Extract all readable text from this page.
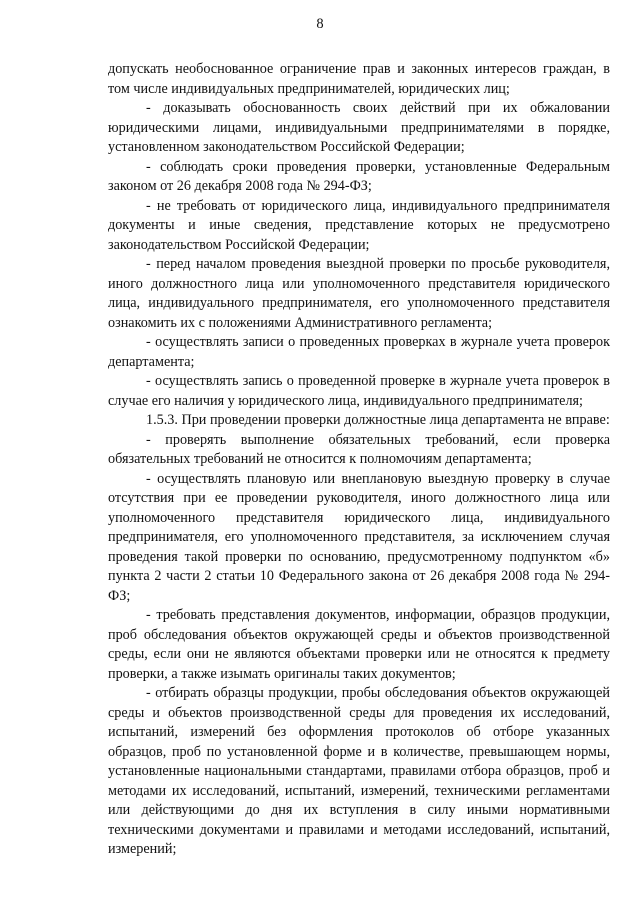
8

допускать необоснованное ограничение прав и законных интересов граждан, в том числе индивидуальных предпринимателей, юридических лиц;

- доказывать обоснованность своих действий при их обжаловании юридическими лицами, индивидуальными предпринимателями в порядке, установленном законодательством Российской Федерации;

- соблюдать сроки проведения проверки, установленные Федеральным законом от 26 декабря 2008 года № 294-ФЗ;

- не требовать от юридического лица, индивидуального предпринимателя документы и иные сведения, представление которых не предусмотрено законодательством Российской Федерации;

- перед началом проведения выездной проверки по просьбе руководителя, иного должностного лица или уполномоченного представителя юридического лица, индивидуального предпринимателя, его уполномоченного представителя ознакомить их с положениями Административного регламента;

- осуществлять записи о проведенных проверках в журнале учета проверок департамента;

- осуществлять запись о проведенной проверке в журнале учета проверок в случае его наличия у юридического лица, индивидуального предпринимателя;

1.5.3. При проведении проверки должностные лица департамента не вправе:

- проверять выполнение обязательных требований, если проверка обязательных требований не относится к полномочиям департамента;

- осуществлять плановую или внеплановую выездную проверку в случае отсутствия при ее проведении руководителя, иного должностного лица или уполномоченного представителя юридического лица, индивидуального предпринимателя, его уполномоченного представителя, за исключением случая проведения такой проверки по основанию, предусмотренному подпунктом «б» пункта 2 части 2 статьи 10 Федерального закона от 26 декабря 2008 года № 294-ФЗ;

- требовать представления документов, информации, образцов продукции, проб обследования объектов окружающей среды и объектов производственной среды, если они не являются объектами проверки или не относятся к предмету проверки, а также изымать оригиналы таких документов;

- отбирать образцы продукции, пробы обследования объектов окружающей среды и объектов производственной среды для проведения их исследований, испытаний, измерений без оформления протоколов об отборе указанных образцов, проб по установленной форме и в количестве, превышающем нормы, установленные национальными стандартами, правилами отбора образцов, проб и методами их исследований, испытаний, измерений, техническими регламентами или действующими до дня их вступления в силу иными нормативными техническими документами и правилами и методами исследований, испытаний, измерений;
